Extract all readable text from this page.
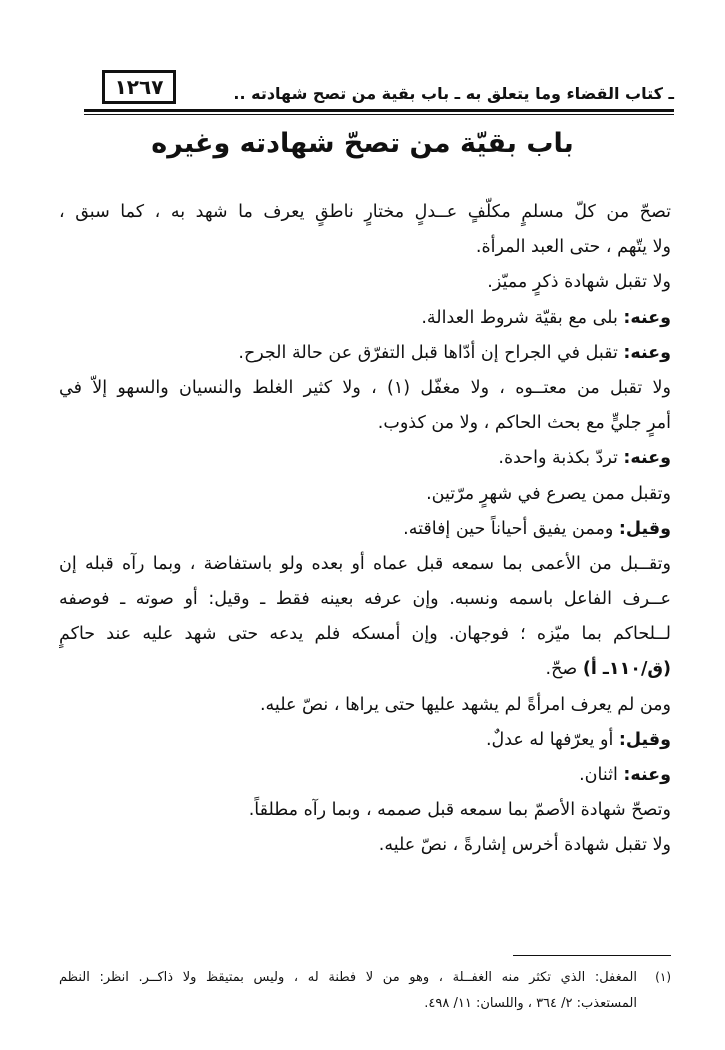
١٢٦٧	ـ كتاب القضاء وما يتعلق به ـ باب بقية من تصح شهادته ..
باب بقيّة من تصحّ شهادته وغيره
تصحّ من كلّ مسلمٍ مكلّفٍ عــدلٍ مختارٍ ناطقٍ يعرف ما شهد به ، كما سبق ،
ولا يتّهم ، حتى العبد المرأة.
ولا تقبل شهادة ذكرٍ مميّز.
وعنه: بلى مع بقيّة شروط العدالة.
وعنه: تقبل في الجراح إن أدّاها قبل التفرّق عن حالة الجرح.
ولا تقبل من معتــوه ، ولا مغفّل (١) ، ولا كثير الغلط والنسيان والسهو إلاّ في
أمرٍ جليٍّ مع بحث الحاكم ، ولا من كذوب.
وعنه: تردّ بكذبة واحدة.
وتقبل ممن يصرع في شهرٍ مرّتين.
وقيل: وممن يفيق أحياناً حين إفاقته.
وتقــبل من الأعمى بما سمعه قبل عماه أو بعده ولو باستفاضة ، وبما رآه قبله إن
عــرف الفاعل باسمه ونسبه. وإن عرفه بعينه فقط ـ وقيل: أو صوته ـ فوصفه
لــلحاكم بما ميّزه ؛ فوجهان. وإن أمسكه فلم يدعه حتى شهد عليه عند حاكمٍ
(ق/١١٠ـ أ) صحّ.
ومن لم يعرف امرأةً لم يشهد عليها حتى يراها ، نصّ عليه.
وقيل: أو يعرّفها له عدلٌ.
وعنه: اثنان.
وتصحّ شهادة الأصمّ بما سمعه قبل صممه ، وبما رآه مطلقاً.
ولا تقبل شهادة أخرس إشارةً ، نصّ عليه.
(١)المغفل: الذي تكثر منه الغفــلة ، وهو من لا فطنة له ، وليس بمتيقظ ولا ذاكــر. انظر: النظم
المستعذب: ٢/ ٣٦٤ ، واللسان: ١١/ ٤٩٨.
